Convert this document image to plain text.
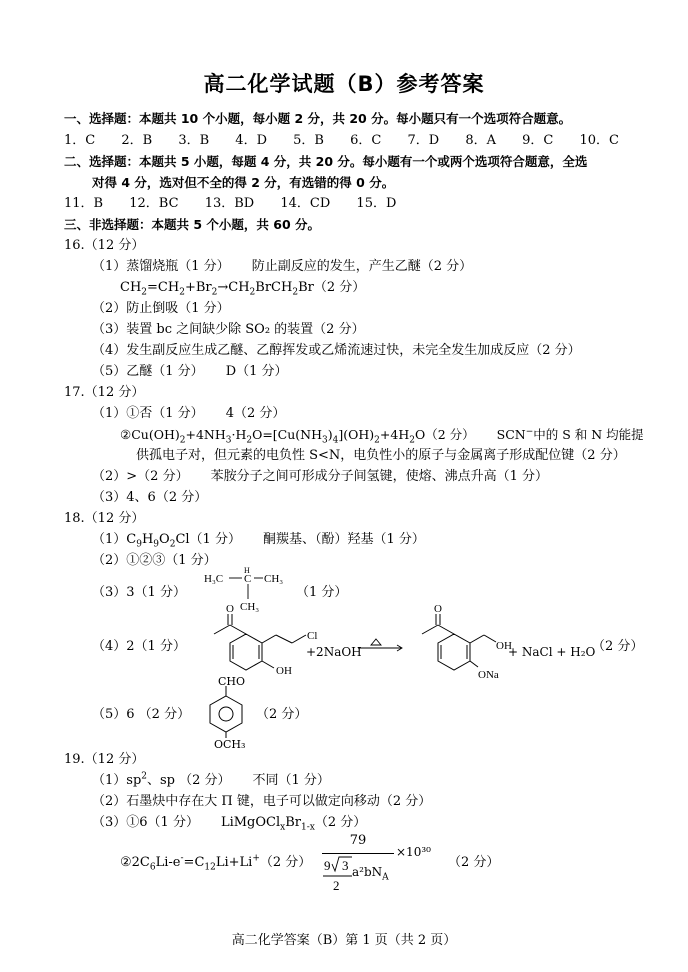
高二化学试题（B）参考答案
一、选择题：本题共 10 个小题，每小题 2 分，共 20 分。每小题只有一个选项符合题意。
1．C 2．B 3．B 4．D 5．B 6．C 7．D 8．A 9．C 10．C
二、选择题：本题共 5 小题，每题 4 分，共 20 分。每小题有一个或两个选项符合题意，全选
对得 4 分，选对但不全的得 2 分，有选错的得 0 分。
11．B 12．BC 13．BD 14．CD 15．D
三、非选择题：本题共 5 个小题，共 60 分。
16.（12 分）
（1）蒸馏烧瓶（1 分） 防止副反应的发生，产生乙醚（2 分）
$CH_2=CH_2+Br_2\to CH_2BrCH_2Br(2$ 分）
（2）防止倒吸（1 分）
（3）装置 bc 之间缺少除 SO₂ 的装置（2 分）
（4）发生副反应生成乙醚、乙醇挥发或乙烯流速过快，未完全发生加成反应（2 分）
（5）乙醚（1 分） D（1 分）
17.（12 分）
（1）①否（1 分） 4（2 分）
$②Cu(OH)_2+4NH_3\cdot H_2O=[Cu(NH_3)_4](OH)_2+4H_2O(2$ 分） SCN−中的 S 和 N 均能提
供孤电子对，但元素的电负性 S<N，电负性小的原子与金属离子形成配位键（2 分）
（2）>（2 分） 苯胺分子之间可形成分子间氢键，使熔、沸点升高（1 分）
（3）4、6（2 分）
18.（12 分）
$(1)C_9H_9O_2Cl(1$ 分） 酮羰基、（酚）羟基（1 分）
（2）①②③（1 分）
（3）3（1 分）
H₃C C CH₃
CH₃
H
（1 分）
（4）2（1 分）
O
Cl
OH
+2NaOH
O
OH
ONa
+ NaCl + H₂O
（2 分）
（5）6 （2 分）
CHO
OCH₃
（2 分）
19.（12 分）
$(1)sp^2$、sp （2 分） 不同（1 分）
（2）石墨炔中存在大 Π 键，电子可以做定向移动（2 分）
（3）①6（1 分） $LiMgOCl_xBr_{1-x}(2$ 分）
$②2C_6Li-e^-=C_{12}Li+Li^+(2$ 分）
79
9 3
2
$a^2bN_A$
×10³⁰
（2 分）
高二化学答案（B）第 1 页（共 2 页）
